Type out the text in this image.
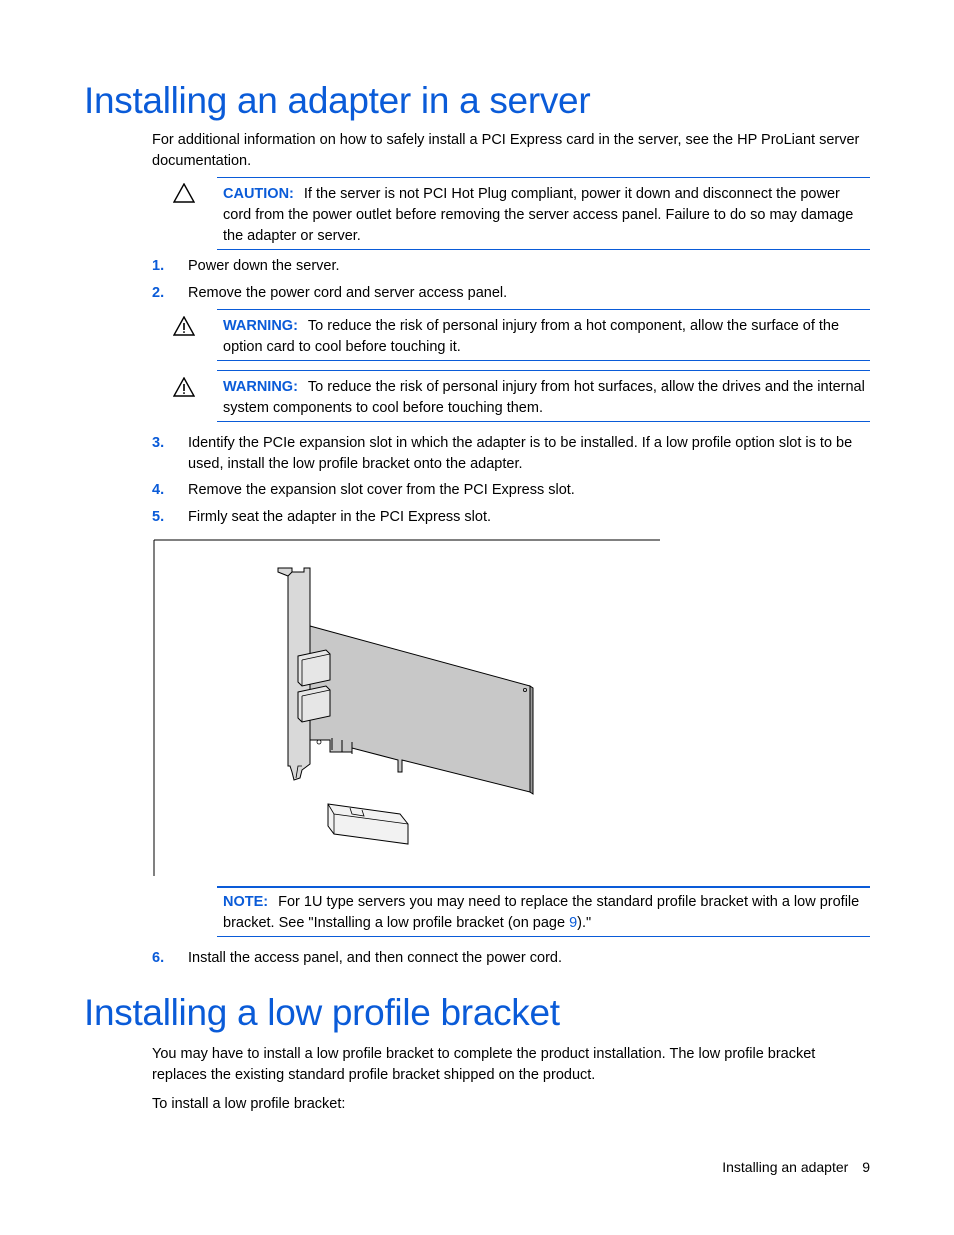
Installing an adapter in a server

For additional information on how to safely install a PCI Express card in the server, see the HP ProLiant server documentation.

CAUTION: If the server is not PCI Hot Plug compliant, power it down and disconnect the power cord from the power outlet before removing the server access panel. Failure to do so may damage the adapter or server.
1. Power down the server.
2. Remove the power cord and server access panel.
WARNING: To reduce the risk of personal injury from a hot component, allow the surface of the option card to cool before touching it.
WARNING: To reduce the risk of personal injury from hot surfaces, allow the drives and the internal system components to cool before touching them.
3. Identify the PCIe expansion slot in which the adapter is to be installed. If a low profile option slot is to be used, install the low profile bracket onto the adapter.
4. Remove the expansion slot cover from the PCI Express slot.
5. Firmly seat the adapter in the PCI Express slot.
NOTE: For 1U type servers you may need to replace the standard profile bracket with a low profile bracket. See "Installing a low profile bracket (on page 9)."
6. Install the access panel, and then connect the power cord.
Installing a low profile bracket

You may have to install a low profile bracket to complete the product installation. The low profile bracket replaces the existing standard profile bracket shipped on the product.

To install a low profile bracket:

Installing an adapter 9
